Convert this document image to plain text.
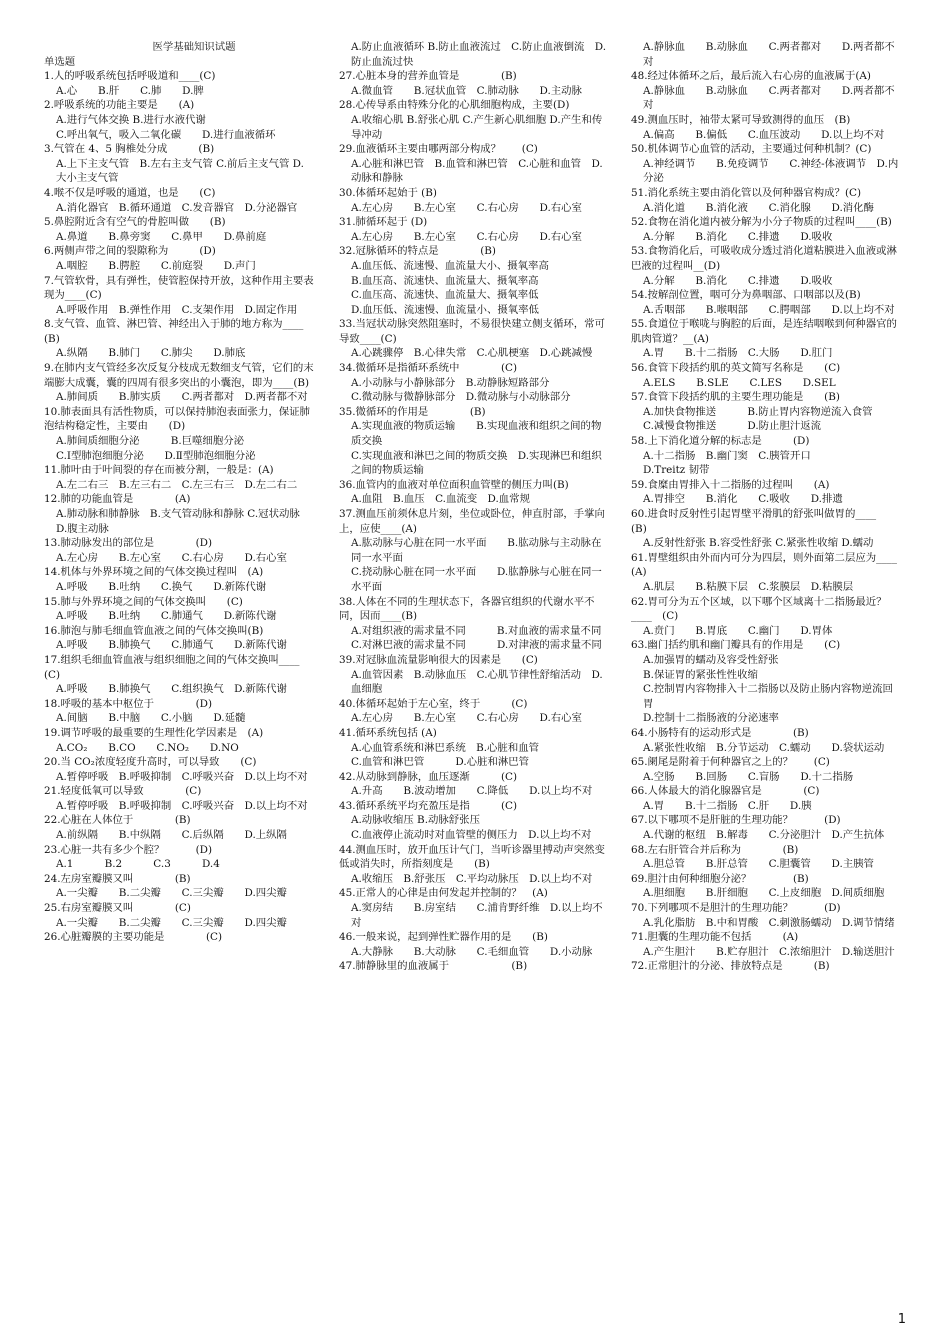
医学基础知识试题
单选题
1.人的呼吸系统包括呼吸道和____(C)
A.心　　B.肝　　C.肺　　D.脾
2.呼吸系统的功能主要是　　(A)
A.进行气体交换 B.进行水液代谢
C.呼出氧气，吸入二氧化碳　　D.进行血液循环
3.气管在 4、5 胸椎处分成　　　(B)
A.上下主支气管　B.左右主支气管 C.前后主支气管 D.大小主支气管
4.喉不仅是呼吸的通道，也是　　(C)
A.消化器官　B.循环通道　C.发音器官　D.分泌器官
5.鼻腔附近含有空气的骨腔叫做　　(B)
A.鼻道　　B.鼻旁窦　　C.鼻甲　　D.鼻前庭
6.两侧声带之间的裂隙称为　　　(D)
A.咽腔　　B.腭腔　　C.前庭裂　　D.声门
7.气管软骨，具有弹性，使管腔保持开放，这种作用主要表现为____(C)
A.呼吸作用　B.弹性作用　C.支架作用　D.固定作用
8.支气管、血管、淋巴管、神经出入于肺的地方称为____　(B)
A.纵隔　　B.肺门　　C.肺尖　　D.肺底
9.在肺内支气管经多次反复分枝成无数细支气管，它们的末端膨大成囊，囊的四周有很多突出的小囊泡，即为____(B)
A.肺间质　　B.肺实质　　C.两者都对　D.两者都不对
10.肺表面具有活性物质，可以保持肺泡表面张力，保证肺泡结构稳定性，主要由　　(D)
A.肺间质细胞分泌　　　B.巨噬细胞分泌
C.Ⅰ型肺泡细胞分泌　　D.Ⅱ型肺泡细胞分泌
11.肺叶由于叶间裂的存在而被分割，一般是：(A)
A.左二右三　B.左三右二　C.左三右三　D.左二右二
12.肺的功能血管是　　　　(A)
A.肺动脉和肺静脉　B.支气管动脉和静脉 C.冠状动脉　D.腹主动脉
13.肺动脉发出的部位是　　　　(D)
A.左心房　　B.左心室　　C.右心房　　D.右心室
14.机体与外界环境之间的气体交换过程叫　(A)
A.呼吸　　B.吐纳　　C.换气　　D.新陈代谢
15.肺与外界环境之间的气体交换叫　　(C)
A.呼吸　　B.吐纳　　C.肺通气　　D.新陈代谢
16.肺泡与肺毛细血管血液之间的气体交换叫(B)
A.呼吸　　B.肺换气　　C.肺通气　　D.新陈代谢
17.组织毛细血管血液与组织细胞之间的气体交换叫____　(C)
A.呼吸　　B.肺换气　　C.组织换气　D.新陈代谢
18.呼吸的基本中枢位于　　　　(D)
A.间脑　　B.中脑　　C.小脑　　D.延髓
19.调节呼吸的最重要的生理性化学因素是　(A)
A.CO₂　　B.CO　　C.NO₂　　D.NO
20.当 CO₂浓度轻度升高时，可以导致　　(C)
A.暂停呼吸　B.呼吸抑制　C.呼吸兴奋　D.以上均不对
21.轻度低氧可以导致　　　　(C)
A.暂停呼吸　B.呼吸抑制　C.呼吸兴奋　D.以上均不对
22.心脏在人体位于　　　　(B)
A.前纵隔　　B.中纵隔　　C.后纵隔　　D.上纵隔
23.心脏一共有多少个腔？　　　(D)
A.1　　　B.2　　　C.3　　　D.4
24.左房室瓣膜又叫　　　　(B)
A.一尖瓣　　B.二尖瓣　　C.三尖瓣　　D.四尖瓣
25.右房室瓣膜又叫　　　　(C)
A.一尖瓣　　B.二尖瓣　　C.三尖瓣　　D.四尖瓣
26.心脏瓣膜的主要功能是　　　　(C)
A.防止血液循环 B.防止血液流过　C.防止血液倒流　D.防止血流过快
27.心脏本身的营养血管是　　　　(B)
A.微血管　　B.冠状血管　C.肺动脉　　D.主动脉
28.心传导系由特殊分化的心肌细胞构成，主要(D)
A.收缩心肌 B.舒张心肌 C.产生新心肌细胞 D.产生和传导冲动
29.血液循环主要由哪两部分构成？　　(C)
A.心脏和淋巴管　B.血管和淋巴管　C.心脏和血管　D.动脉和静脉
30.体循环起始于 (B)
A.左心房　　B.左心室　　C.右心房　　D.右心室
31.肺循环起于 (D)
A.左心房　　B.左心室　　C.右心房　　D.右心室
32.冠脉循环的特点是　　　　(B)
A.血压低、流速慢、血流量大小、摄氧率高
B.血压高、流速快、血流量大、摄氧率高
C.血压高、流速快、血流量大、摄氧率低
D.血压低、流速慢、血流量小、摄氧率低
33.当冠状动脉突然阻塞时，不易很快建立侧支循环，常可导致____(C)
A.心跳骤停　B.心律失常　C.心肌梗塞　D.心跳减慢
34.微循环是指循环系统中　　　　(C)
A.小动脉与小静脉部分　B.动静脉短路部分
C.微动脉与微静脉部分　D.微动脉与小动脉部分
35.微循环的作用是　　　　(B)
A.实现血液的物质运输　　B.实现血液和组织之间的物质交换
C.实现血液和淋巴之间的物质交换　D.实现淋巴和组织之间的物质运输
36.血管内的血液对单位面积血管壁的侧压力叫(B)
A.血阻　B.血压　C.血流变　D.血常规
37.测血压前须休息片刻，坐位或卧位，伸直肘部，手掌向上，应使____(A)
A.肱动脉与心脏在同一水平面　　B.肱动脉与主动脉在同一水平面
C.挠动脉心脏在同一水平面　　D.肱静脉与心脏在同一水平面
38.人体在不同的生理状态下，各器官组织的代谢水平不同，因而____(B)
A.对组织液的需求量不同　　　B.对血液的需求量不同
C.对淋巴液的需求量不同　　　D.对津液的需求量不同
39.对冠脉血流量影响很大的因素是　　(C)
A.血管因素　B.动脉血压　C.心肌节律性舒缩活动　D.血细胞
40.体循环起始于左心室，终于　　　(C)
A.左心房　　B.左心室　　C.右心房　　D.右心室
41.循环系统包括 (A)
A.心血管系统和淋巴系统　B.心脏和血管
C.血管和淋巴管　　　D.心脏和淋巴管
42.从动脉到静脉，血压逐渐　　　(C)
A.升高　　B.波动增加　　C.降低　　D.以上均不对
43.循环系统平均充盈压是指　　　(C)
A.动脉收缩压 B.动脉舒张压
C.血液停止流动时对血管壁的侧压力　D.以上均不对
44.测血压时，放开血压计气门，当听诊器里搏动声突然变低或消失时，所指刻度是　　(B)
A.收缩压　B.舒张压　C.平均动脉压　D.以上均不对
45.正常人的心律是由何发起并控制的？　(A)
A.窦房结　　B.房室结　　C.浦肯野纤维　D.以上均不对
46.一般来说，起到弹性贮器作用的是　　(B)
A.大静脉　　B.大动脉　　C.毛细血管　　D.小动脉
47.肺静脉里的血液属于　　　　　　(B)
A.静脉血　　B.动脉血　　C.两者都对　　D.两者都不对
48.经过体循环之后，最后流入右心房的血液属于(A)
A.静脉血　　B.动脉血　　C.两者都对　　D.两者都不对
49.测血压时，袖带太紧可导致测得的血压　(B)
A.偏高　　B.偏低　　C.血压波动　　D.以上均不对
50.机体调节心血管的活动，主要通过何种机制？(C)
A.神经调节　　B.免疫调节　　C.神经-体液调节　D.内分泌
51.消化系统主要由消化管以及何种器官构成？(C)
A.消化道　　B.消化液　　C.消化腺　　D.消化酶
52.食物在消化道内被分解为小分子物质的过程叫____(B)
A.分解　　B.消化　　C.排遗　　D.吸收
53.食物消化后，可吸收成分透过消化道粘膜进入血液或淋巴液的过程叫__(D)
A.分解　　B.消化　　C.排遗　　D.吸收
54.按解剖位置，咽可分为鼻咽部、口咽部以及(B)
A.舌咽部　　B.喉咽部　　C.腭咽部　　D.以上均不对
55.食道位于喉咙与胸腔的后面，是连结咽喉到何种器官的肌肉管道？__(A)
A.胃　　B.十二指肠　C.大肠　　D.肛门
56.食管下段括约肌的英文简写名称是　　(C)
A.ELS　　B.SLE　　C.LES　　D.SEL
57.食管下段括约肌的主要生理功能是　　(B)
A.加快食物推送　　　B.防止胃内容物逆流入食管
C.减慢食物推送　　　D.防止胆汁返流
58.上下消化道分解的标志是　　　(D)
A.十二指肠　B.幽门窦　C.胰管开口
D.Treitz 韧带
59.食糜由胃排入十二指肠的过程叫　　(A)
A.胃排空　　B.消化　　C.吸收　　D.排遗
60.进食时反射性引起胃壁平滑肌的舒张叫做胃的____　　(B)
A.反射性舒张 B.容受性舒张 C.紧张性收缩 D.蠕动
61.胃壁组织由外而内可分为四层，则外面第二层应为____　(A)
A.肌层　　B.粘膜下层　C.浆膜层　D.粘膜层
62.胃可分为五个区域，以下哪个区域离十二指肠最近？____　(C)
A.贲门　　B.胃底　　C.幽门　　D.胃体
63.幽门括约肌和幽门瓣具有的作用是　　(C)
A.加强胃的蠕动及容受性舒张
B.保证胃的紧张性性收缩
C.控制胃内容物排入十二指肠以及防止肠内容物逆流回胃
D.控制十二指肠液的分泌速率
64.小肠特有的运动形式是　　　　(B)
A.紧张性收缩　B.分节运动　C.蠕动　　D.袋状运动
65.阑尾是附着于何种器官之上的？　　(C)
A.空肠　　B.回肠　　C.盲肠　　D.十二指肠
66.人体最大的消化腺器官是　　　　(C)
A.胃　　B.十二指肠　C.肝　　D.胰
67.以下哪项不是肝脏的生理功能？　　　(D)
A.代谢的枢纽　B.解毒　　C.分泌胆汁　D.产生抗体
68.左右肝管合并后称为　　　　(B)
A.胆总管　　B.肝总管　　C.胆囊管　　D.主胰管
69.胆汁由何种细胞分泌？　　　　(B)
A.胆细胞　　B.肝细胞　　C.上皮细胞　D.间质细胞
70.下列哪项不是胆汁的生理功能？　　　(D)
A.乳化脂肪　B.中和胃酸　C.刺激肠蠕动　D.调节情绪
71.胆囊的生理功能不包括　　　(A)
A.产生胆汁　　B.贮存胆汁　C.浓缩胆汁　D.输送胆汁
72.正常胆汁的分泌、排放特点是　　　(B)
1
